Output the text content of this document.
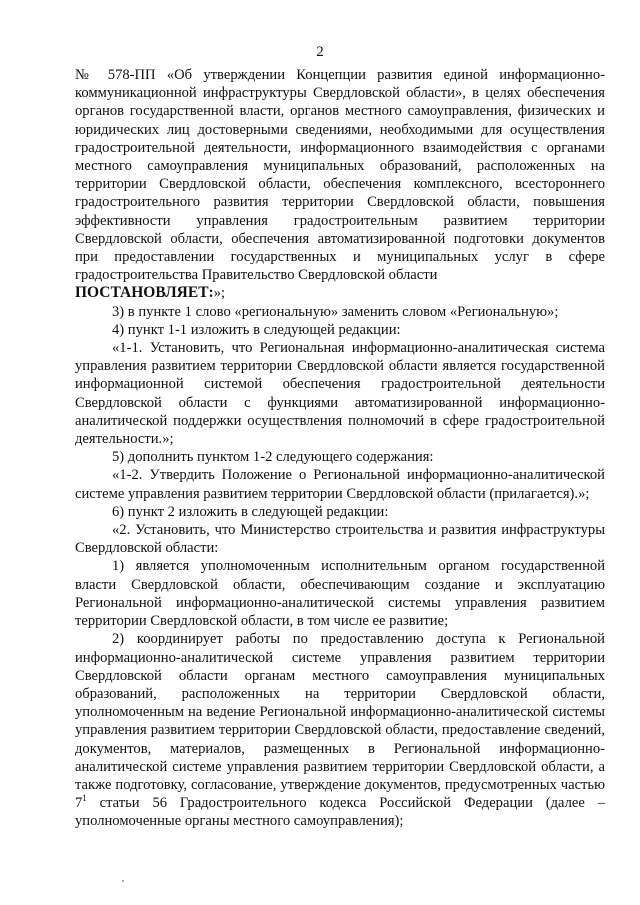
2

№ 578-ПП «Об утверждении Концепции развития единой информационно-коммуникационной инфраструктуры Свердловской области», в целях обеспечения органов государственной власти, органов местного самоуправления, физических и юридических лиц достоверными сведениями, необходимыми для осуществления градостроительной деятельности, информационного взаимодействия с органами местного самоуправления муниципальных образований, расположенных на территории Свердловской области, обеспечения комплексного, всестороннего градостроительного развития территории Свердловской области, повышения эффективности управления градостроительным развитием территории Свердловской области, обеспечения автоматизированной подготовки документов при предоставлении государственных и муниципальных услуг в сфере градостроительства Правительство Свердловской области

ПОСТАНОВЛЯЕТ:»;

3) в пункте 1 слово «региональную» заменить словом «Региональную»;

4) пункт 1-1 изложить в следующей редакции:

«1-1. Установить, что Региональная информационно-аналитическая система управления развитием территории Свердловской области является государственной информационной системой обеспечения градостроительной деятельности Свердловской области с функциями автоматизированной информационно-аналитической поддержки осуществления полномочий в сфере градостроительной деятельности.»;

5) дополнить пунктом 1-2 следующего содержания:

«1-2. Утвердить Положение о Региональной информационно-аналитической системе управления развитием территории Свердловской области (прилагается).»;

6) пункт 2 изложить в следующей редакции:

«2. Установить, что Министерство строительства и развития инфраструктуры Свердловской области:

1) является уполномоченным исполнительным органом государственной власти Свердловской области, обеспечивающим создание и эксплуатацию Региональной информационно-аналитической системы управления развитием территории Свердловской области, в том числе ее развитие;

2) координирует работы по предоставлению доступа к Региональной информационно-аналитической системе управления развитием территории Свердловской области органам местного самоуправления муниципальных образований, расположенных на территории Свердловской области, уполномоченным на ведение Региональной информационно-аналитической системы управления развитием территории Свердловской области, предоставление сведений, документов, материалов, размещенных в Региональной информационно-аналитической системе управления развитием территории Свердловской области, а также подготовку, согласование, утверждение документов, предусмотренных частью $7^1$ статьи 56 Градостроительного кодекса Российской Федерации (далее – уполномоченные органы местного самоуправления);
